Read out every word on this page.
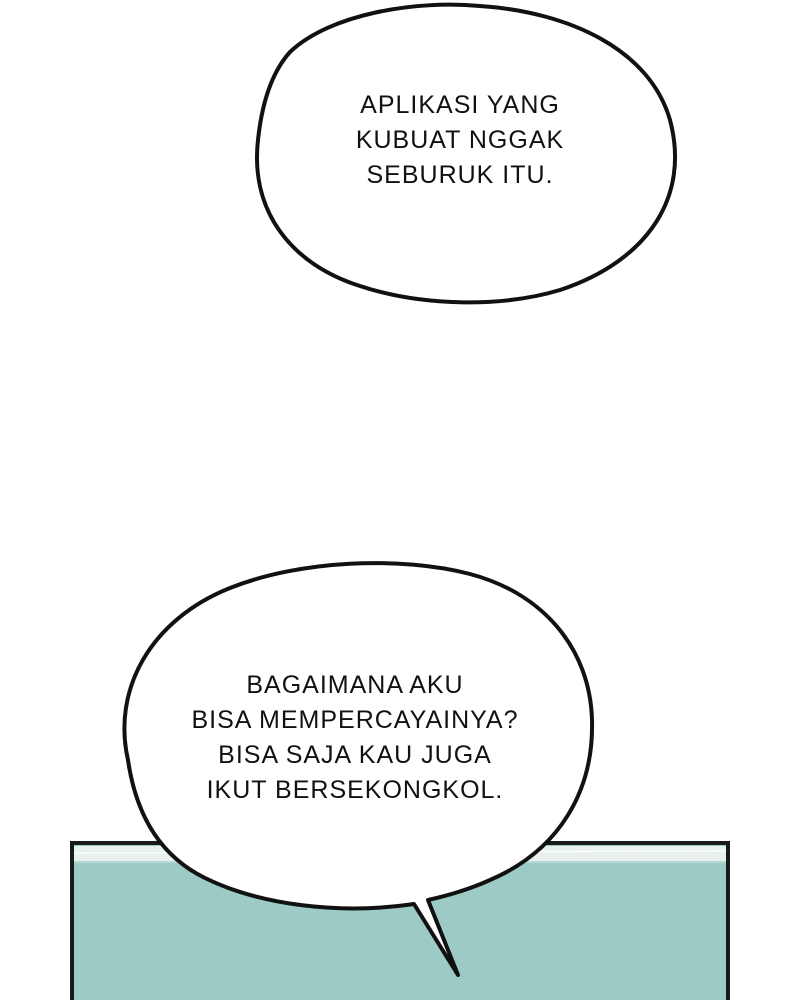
APLIKASI YANG
KUBUAT NGGAK
SEBURUK ITU.
BAGAIMANA AKU
BISA MEMPERCAYAINYA?
BISA SAJA KAU JUGA
IKUT BERSEKONGKOL.
